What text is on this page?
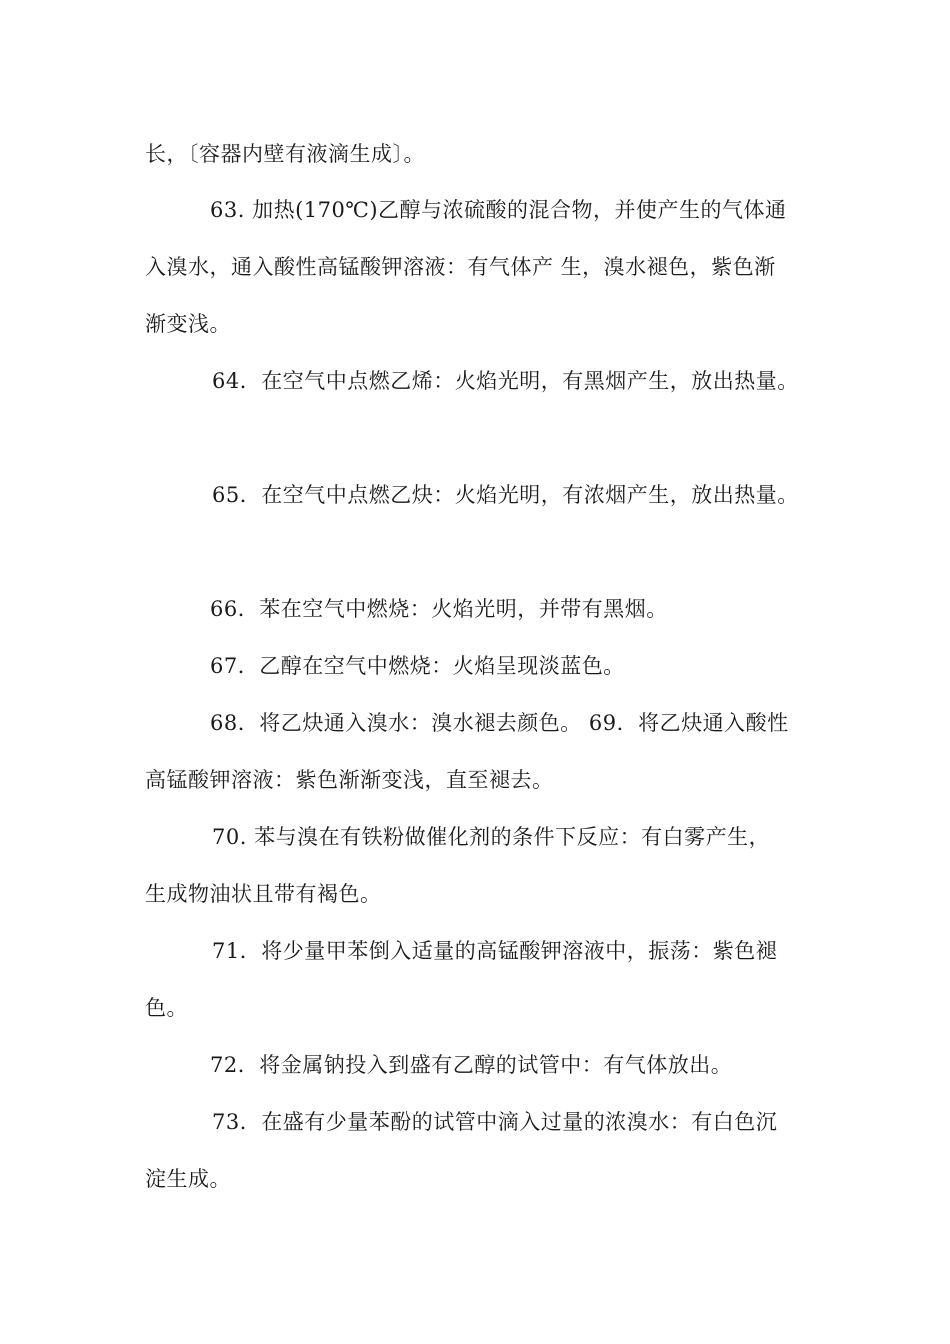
长，〔容器内壁有液滴生成〕。
63. 加热(170℃)乙醇与浓硫酸的混合物，并使产生的气体通
入溴水，通入酸性高锰酸钾溶液：有气体产 生，溴水褪色，紫色渐
渐变浅。
64．在空气中点燃乙烯：火焰光明，有黑烟产生，放出热量。
65．在空气中点燃乙炔：火焰光明，有浓烟产生，放出热量。
66．苯在空气中燃烧：火焰光明，并带有黑烟。
67．乙醇在空气中燃烧：火焰呈现淡蓝色。
68．将乙炔通入溴水：溴水褪去颜色。 69．将乙炔通入酸性
高锰酸钾溶液：紫色渐渐变浅，直至褪去。
70. 苯与溴在有铁粉做催化剂的条件下反应：有白雾产生，
生成物油状且带有褐色。
71．将少量甲苯倒入适量的高锰酸钾溶液中，振荡：紫色褪
色。
72．将金属钠投入到盛有乙醇的试管中：有气体放出。
73．在盛有少量苯酚的试管中滴入过量的浓溴水：有白色沉
淀生成。
